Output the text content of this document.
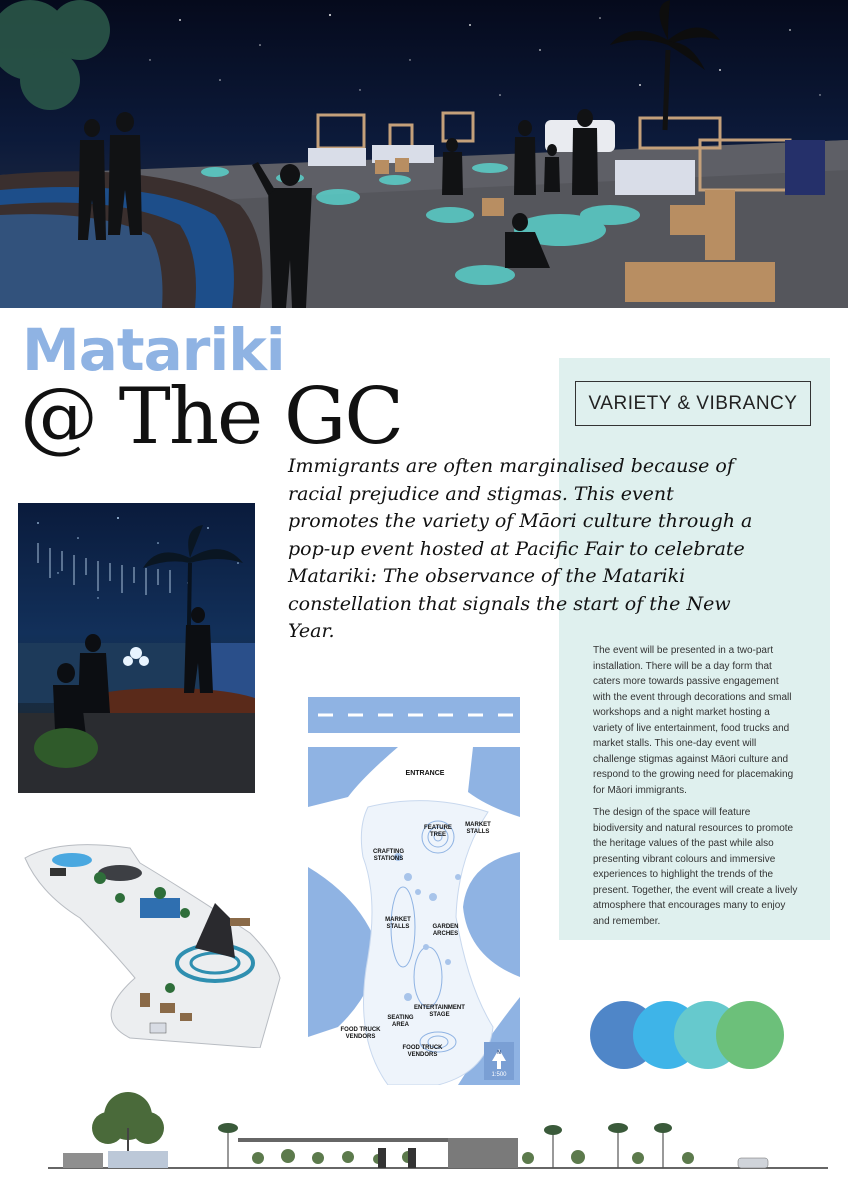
Matariki
@ The GC	VARIETY & VIBRANCY
The event will be presented in a two-part installation. There will be a day form that caters more towards passive engagement with the event through decorations and small workshops and a night market hosting a variety of live entertainment, food trucks and market stalls. This one-day event will challenge stigmas against Māori culture and respond to the growing need for placemaking for Māori immigrants.
The design of the space will feature biodiversity and natural resources to promote the heritage values of the past while also presenting vibrant colours and immersive experiences to highlight the trends of the present. Together, the event will create a lively atmosphere that encourages many to enjoy and remember.
Immigrants are often marginalised because of racial prejudice and stigmas. This event promotes the variety of Māori culture through a pop-up event hosted at Pacific Fair to celebrate Matariki: The observance of the Matariki constellation that signals the start of the New Year.
ENTRANCE
FEATURE TREE
MARKET STALLS
CRAFTING STATIONS
MARKET STALLS	GARDEN ARCHES
ENTERTAINMENT STAGE
SEATING AREA
FOOD TRUCK VENDORS
FOOD TRUCK VENDORS	N
1:500
